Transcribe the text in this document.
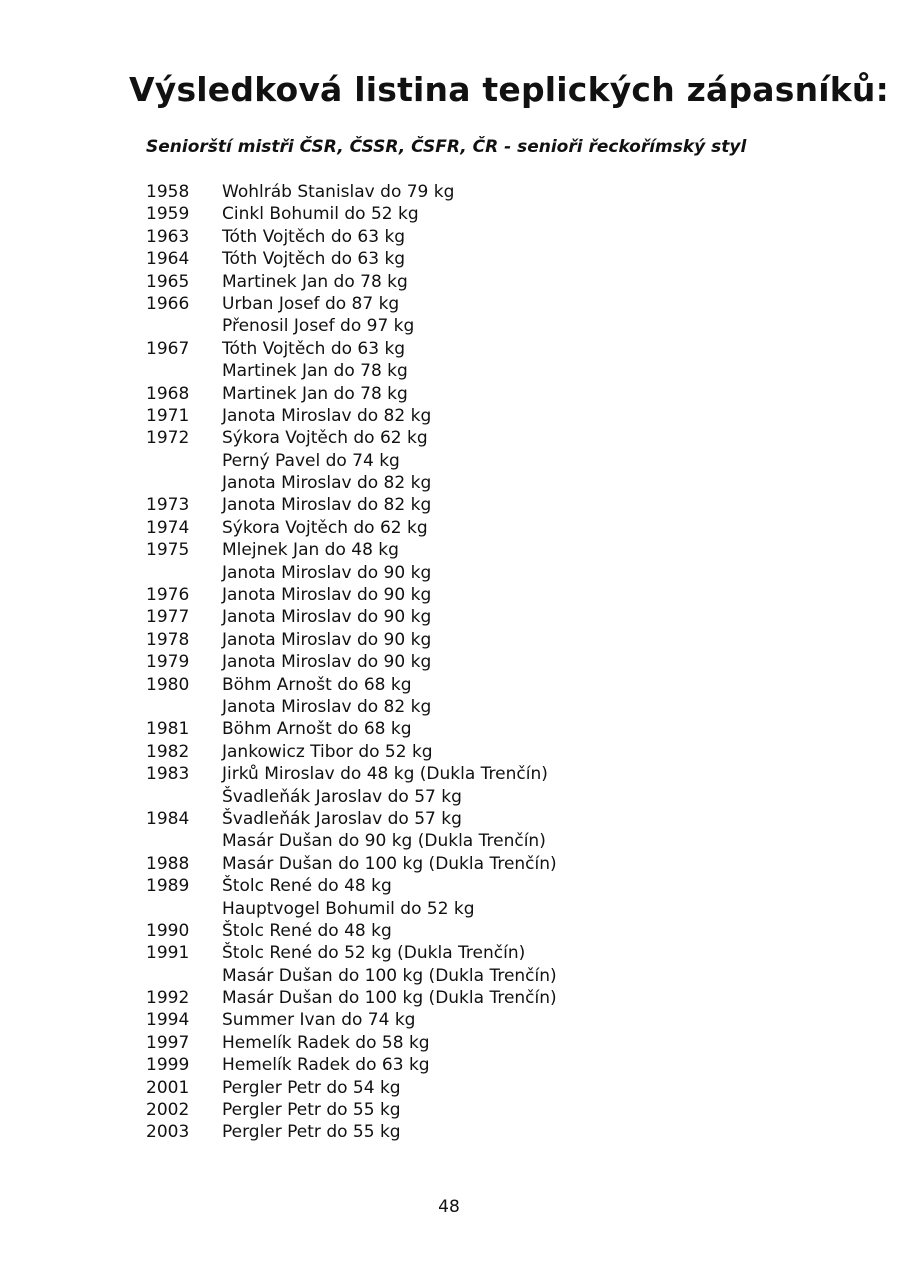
Výsledková listina teplických zápasníků:
Seniorští mistři ČSR, ČSSR, ČSFR, ČR - senioři řeckořímský styl
1958 Wohlráb Stanislav do 79 kg
1959 Cinkl Bohumil do 52 kg
1963 Tóth Vojtěch do 63 kg
1964 Tóth Vojtěch do 63 kg
1965 Martinek Jan do 78 kg
1966 Urban Josef do 87 kg
Přenosil Josef do 97 kg
1967 Tóth Vojtěch do 63 kg
Martinek Jan do 78 kg
1968 Martinek Jan do 78 kg
1971 Janota Miroslav do 82 kg
1972 Sýkora Vojtěch do 62 kg
Perný Pavel do 74 kg
Janota Miroslav do 82 kg
1973 Janota Miroslav do 82 kg
1974 Sýkora Vojtěch do 62 kg
1975 Mlejnek Jan do 48 kg
Janota Miroslav do 90 kg
1976 Janota Miroslav do 90 kg
1977 Janota Miroslav do 90 kg
1978 Janota Miroslav do 90 kg
1979 Janota Miroslav do 90 kg
1980 Böhm Arnošt do 68 kg
Janota Miroslav do 82 kg
1981 Böhm Arnošt do 68 kg
1982 Jankowicz Tibor do 52 kg
1983 Jirků Miroslav do 48 kg (Dukla Trenčín)
Švadleňák Jaroslav do 57 kg
1984 Švadleňák Jaroslav do 57 kg
Masár Dušan do 90 kg (Dukla Trenčín)
1988 Masár Dušan do 100 kg (Dukla Trenčín)
1989 Štolc René do 48 kg
Hauptvogel Bohumil do 52 kg
1990 Štolc René do 48 kg
1991 Štolc René do 52 kg (Dukla Trenčín)
Masár Dušan do 100 kg (Dukla Trenčín)
1992 Masár Dušan do 100 kg (Dukla Trenčín)
1994 Summer Ivan do 74 kg
1997 Hemelík Radek do 58 kg
1999 Hemelík Radek do 63 kg
2001 Pergler Petr do 54 kg
2002 Pergler Petr do 55 kg
2003 Pergler Petr do 55 kg
48
